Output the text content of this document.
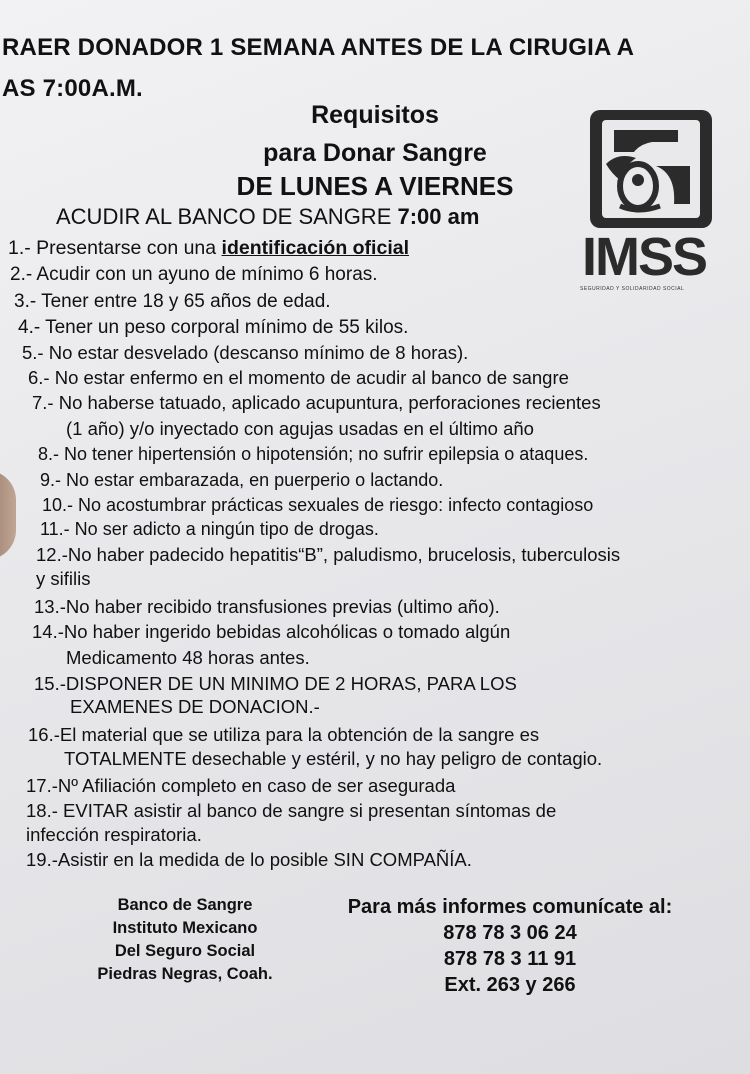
RAER DONADOR 1 SEMANA ANTES DE LA CIRUGIA A
AS 7:00A.M.
Requisitos
para Donar Sangre
DE LUNES A VIERNES
ACUDIR AL BANCO DE SANGRE 7:00 am
IMSS
SEGURIDAD Y SOLIDARIDAD SOCIAL
1.- Presentarse con una identificación oficial
2.- Acudir con un ayuno de mínimo 6 horas.
3.- Tener entre 18 y 65 años de edad.
4.- Tener un peso corporal mínimo de 55 kilos.
5.- No estar desvelado (descanso mínimo de 8 horas).
6.- No estar enfermo en el momento de acudir al banco de sangre
7.- No haberse tatuado, aplicado acupuntura, perforaciones recientes
(1 año) y/o inyectado con agujas usadas en el último año
8.- No tener hipertensión o hipotensión; no sufrir epilepsia o ataques.
9.- No estar embarazada, en puerperio o lactando.
10.- No acostumbrar prácticas sexuales de riesgo: infecto contagioso
11.- No ser adicto a ningún tipo de drogas.
12.-No haber padecido hepatitis“B”, paludismo, brucelosis, tuberculosis
y sifilis
13.-No haber recibido transfusiones previas (ultimo año).
14.-No haber ingerido bebidas alcohólicas o tomado algún
Medicamento 48 horas antes.
15.-DISPONER DE UN MINIMO DE 2 HORAS, PARA LOS
EXAMENES DE DONACION.-
16.-El material que se utiliza para la obtención de la sangre es
TOTALMENTE desechable y estéril, y no hay peligro de contagio.
17.-Nº Afiliación completo en caso de ser asegurada
18.- EVITAR asistir al banco de sangre si presentan síntomas de
infección respiratoria.
19.-Asistir en la medida de lo posible SIN COMPAÑÍA.
Banco de Sangre
Instituto Mexicano
Del Seguro Social
Piedras Negras, Coah.
Para más informes comunícate al:
878 78 3 06 24
878 78 3 11 91
Ext. 263 y 266
